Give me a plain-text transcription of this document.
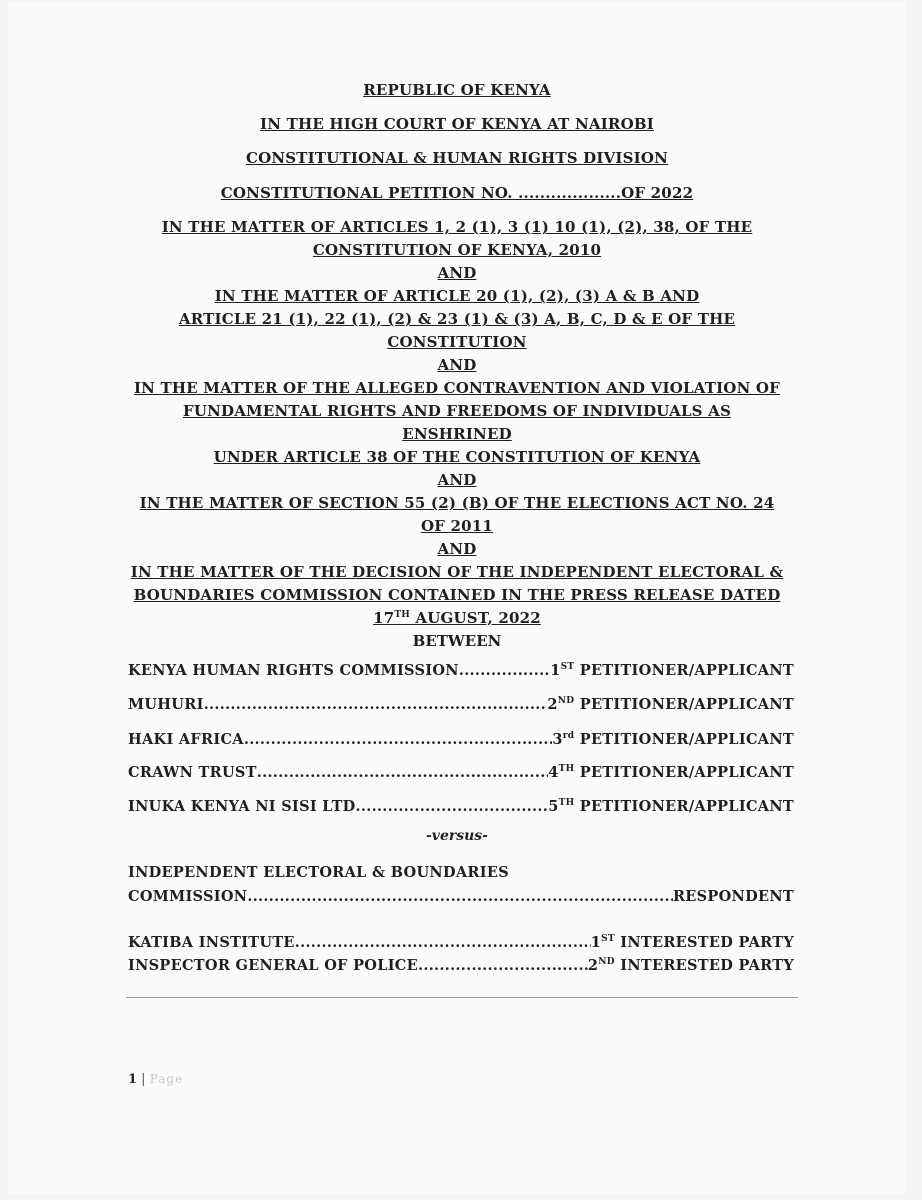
REPUBLIC OF KENYA
IN THE HIGH COURT OF KENYA AT NAIROBI
CONSTITUTIONAL & HUMAN RIGHTS DIVISION
CONSTITUTIONAL PETITION NO. ...................OF 2022
IN THE MATTER OF ARTICLES 1, 2 (1), 3 (1) 10 (1), (2), 38, OF THE
CONSTITUTION OF KENYA, 2010
AND
IN THE MATTER OF ARTICLE 20 (1), (2), (3) A & B AND
ARTICLE 21 (1), 22 (1), (2) & 23 (1) & (3) A, B, C, D & E OF THE
CONSTITUTION
AND
IN THE MATTER OF THE ALLEGED CONTRAVENTION AND VIOLATION OF
FUNDAMENTAL RIGHTS AND FREEDOMS OF INDIVIDUALS AS
ENSHRINED
UNDER ARTICLE 38 OF THE CONSTITUTION OF KENYA
AND
IN THE MATTER OF SECTION 55 (2) (B) OF THE ELECTIONS ACT NO. 24
OF 2011
AND
IN THE MATTER OF THE DECISION OF THE INDEPENDENT ELECTORAL &
BOUNDARIES COMMISSION CONTAINED IN THE PRESS RELEASE DATED
17TH AUGUST, 2022
BETWEEN
KENYA HUMAN RIGHTS COMMISSION .....	1ST PETITIONER/APPLICANT
MUHURI .....	2ND PETITIONER/APPLICANT
HAKI AFRICA .....	3rd PETITIONER/APPLICANT
CRAWN TRUST .....	4TH PETITIONER/APPLICANT
INUKA KENYA NI SISI LTD .....	5TH PETITIONER/APPLICANT
-versus-
INDEPENDENT ELECTORAL & BOUNDARIES
COMMISSION .....	RESPONDENT
KATIBA INSTITUTE .....	1ST INTERESTED PARTY
INSPECTOR GENERAL OF POLICE .....	2ND INTERESTED PARTY
1 | Page
